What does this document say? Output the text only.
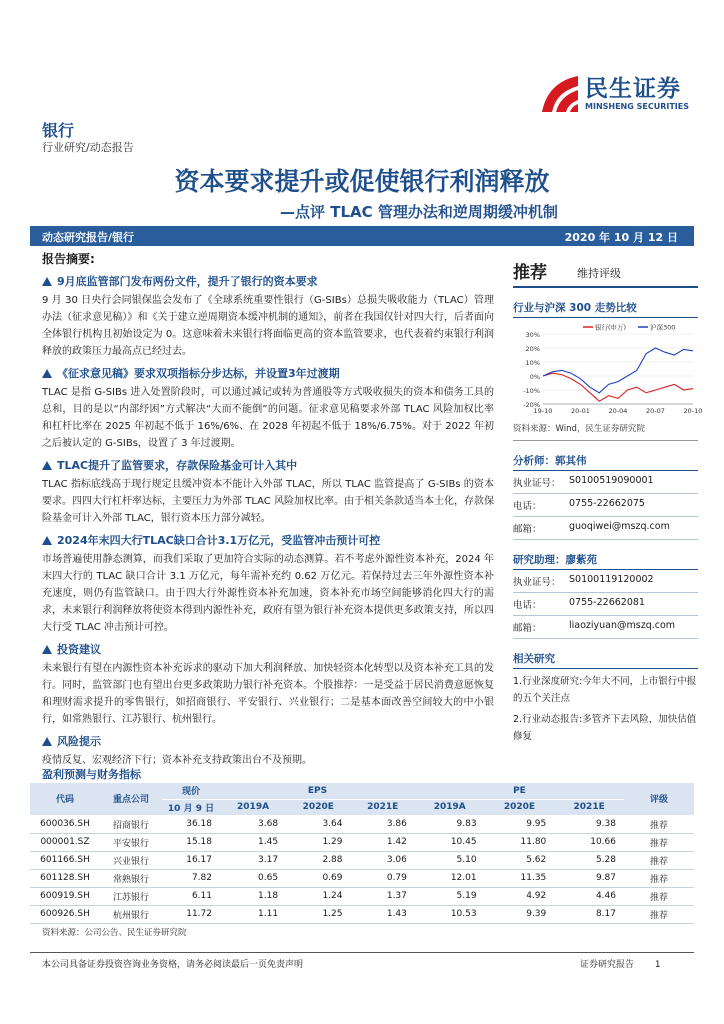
银行
行业研究/动态报告
民生证券
MINSHENG SECURITIES
资本要求提升或促使银行利润释放
—点评 TLAC 管理办法和逆周期缓冲机制
动态研究报告/银行	2020 年 10 月 12 日
报告摘要:
9月底监管部门发布两份文件，提升了银行的资本要求
9 月 30 日央行会同银保监会发布了《全球系统重要性银行（G-SIBs）总损失吸收能力（TLAC）管理办法（征求意见稿）》和《关于建立逆周期资本缓冲机制的通知》，前者在我国仅针对四大行，后者面向全体银行机构且初始设定为 0。这意味着未来银行将面临更高的资本监管要求，也代表着约束银行利润释放的政策压力最高点已经过去。
《征求意见稿》要求双项指标分步达标，并设置3年过渡期
TLAC 是指 G-SIBs 进入处置阶段时，可以通过减记或转为普通股等方式吸收损失的资本和债务工具的总和，目的是以“内部纾困”方式解决“大而不能倒”的问题。征求意见稿要求外部 TLAC 风险加权比率和杠杆比率在 2025 年初起不低于 16%/6%、在 2028 年初起不低于 18%/6.75%。对于 2022 年初之后被认定的 G-SIBs，设置了 3 年过渡期。
TLAC提升了监管要求，存款保险基金可计入其中
TLAC 指标底线高于现行规定且缓冲资本不能计入外部 TLAC，所以 TLAC 监管提高了 G-SIBs 的资本要求。四四大行杠杆率达标，主要压力为外部 TLAC 风险加权比率。由于相关条款适当本土化，存款保险基金可计入外部 TLAC，银行资本压力部分减轻。
2024年末四大行TLAC缺口合计3.1万亿元，受监管冲击预计可控
市场普遍使用静态测算，而我们采取了更加符合实际的动态测算。若不考虑外源性资本补充，2024 年末四大行的 TLAC 缺口合计 3.1 万亿元，每年需补充约 0.62 万亿元。若保持过去三年外源性资本补充速度，则仍有监管缺口。由于四大行外源性资本补充加速，资本补充市场空间能够消化四大行的需求，未来银行利润释放将使资本得到内源性补充，政府有望为银行补充资本提供更多政策支持，所以四大行受 TLAC 冲击预计可控。
投资建议
未来银行有望在内源性资本补充诉求的驱动下加大利润释放、加快轻资本化转型以及资本补充工具的发行。同时，监管部门也有望出台更多政策助力银行补充资本。个股推荐：一是受益于居民消费意愿恢复和理财需求提升的零售银行，如招商银行、平安银行、兴业银行；二是基本面改善空间较大的中小银行，如常熟银行、江苏银行、杭州银行。
风险提示
疫情反复、宏观经济下行；资本补充支持政策出台不及预期。
推荐	维持评级
行业与沪深 300 走势比较
30%
20%
10%
0%
-10%
-20%
19-10	20-01	20-04	20-07	20-10
银行(申万)	沪深300
资料来源：Wind，民生证券研究院
分析师：郭其伟
执业证号： S0100519090001
电话：	0755-22662075
邮箱：	guoqiwei@mszq.com
研究助理：廖紫苑
执业证号： S0100119120002
电话：	0755-22662081
邮箱：	liaoziyuan@mszq.com
相关研究
1.行业深度研究:今年大不同，上市银行中报的五个关注点
2.行业动态报告:多管齐下去风险，加快估值修复
盈利预测与财务指标
代码	重点公司	现价	EPS			PE			评级
		10 月 9 日	2019A	2020E	2021E	2019A	2020E	2021E	
600036.SH	招商银行	36.18	3.68	3.64	3.86	9.83	9.95	9.38	推荐
000001.SZ	平安银行	15.18	1.45	1.29	1.42	10.45	11.80	10.66	推荐
601166.SH	兴业银行	16.17	3.17	2.88	3.06	5.10	5.62	5.28	推荐
601128.SH	常熟银行	7.82	0.65	0.69	0.79	12.01	11.35	9.87	推荐
600919.SH	江苏银行	6.11	1.18	1.24	1.37	5.19	4.92	4.46	推荐
600926.SH	杭州银行	11.72	1.11	1.25	1.43	10.53	9.39	8.17	推荐
资料来源：公司公告、民生证券研究院
本公司具备证券投资咨询业务资格，请务必阅读最后一页免责声明	证券研究报告 1
